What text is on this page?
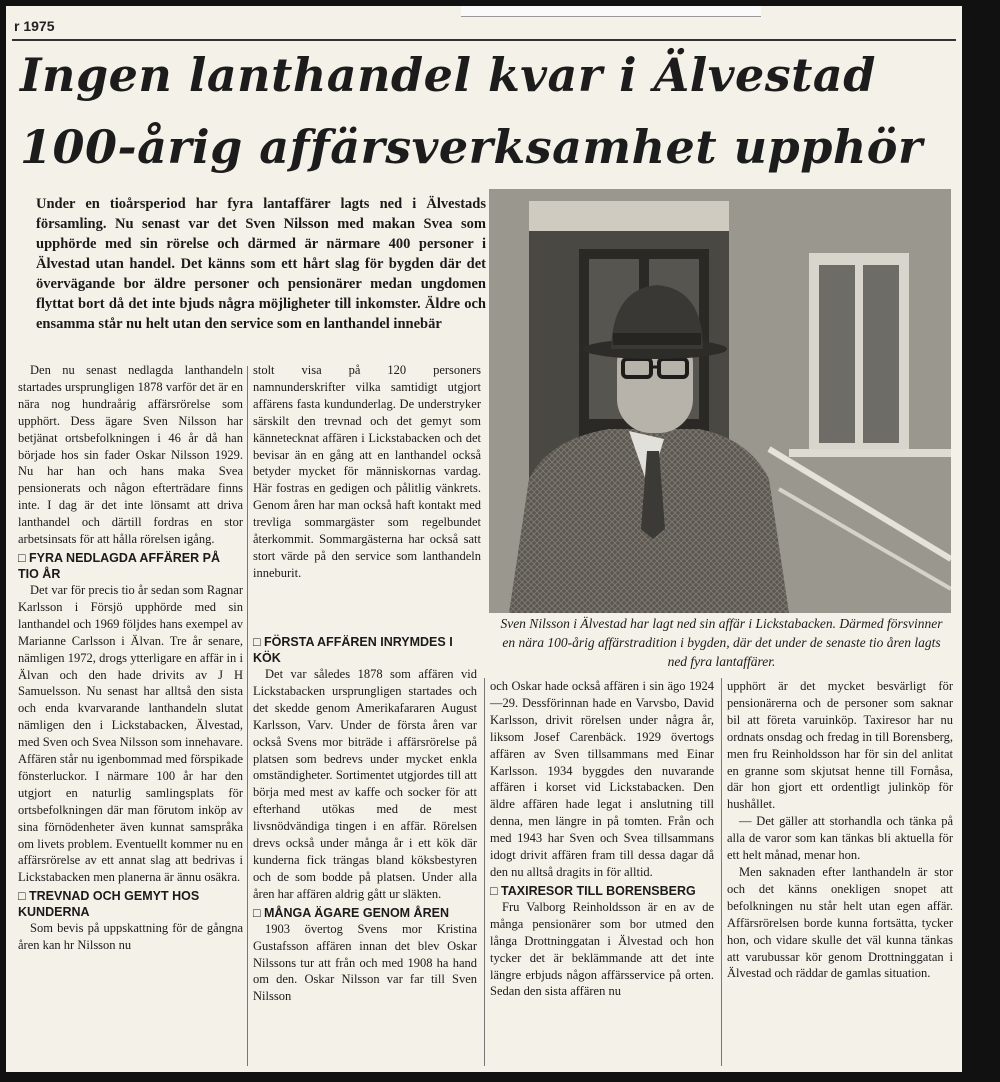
r 1975
Ingen lanthandel kvar i Älvestad
100-årig affärsverksamhet upphör
Under en tioårsperiod har fyra lantaffärer lagts ned i Älvestads församling. Nu senast var det Sven Nilsson med makan Svea som upphörde med sin rörelse och därmed är närmare 400 personer i Älvestad utan handel. Det känns som ett hårt slag för bygden där det övervägande bor äldre personer och pensionärer medan ungdomen flyttat bort då det inte bjuds några möjligheter till inkomster. Äldre och ensamma står nu helt utan den service som en lanthandel innebär
Sven Nilsson i Älvestad har lagt ned sin affär i Lickstabacken. Därmed försvinner en nära 100-årig affärstradition i bygden, där det under de senaste tio åren lagts ned fyra lantaffärer.

Den nu senast nedlagda lanthandeln startades ursprungligen 1878 varför det är en nära nog hundraårig affärsrörelse som upphört. Dess ägare Sven Nilsson har betjänat ortsbefolkningen i 46 år då han började hos sin fader Oskar Nilsson 1929. Nu har han och hans maka Svea pensionerats och någon efterträdare finns inte. I dag är det inte lönsamt att driva lanthandel och därtill fordras en stor arbetsinsats för att hålla rörelsen igång.

□ FYRA NEDLAGDA AFFÄRER PÅ TIO ÅR

Det var för precis tio år sedan som Ragnar Karlsson i Försjö upphörde med sin lanthandel och 1969 följdes hans exempel av Marianne Carlsson i Älvan. Tre år senare, nämligen 1972, drogs ytterligare en affär in i Älvan och den hade drivits av J H Samuelsson. Nu senast har alltså den sista och enda kvarvarande lanthandeln slutat nämligen den i Lickstabacken, Älvestad, med Sven och Svea Nilsson som innehavare. Affären står nu igenbommad med förspikade fönsterluckor. I närmare 100 år har den utgjort en naturlig samlingsplats för ortsbefolkningen där man förutom inköp av sina förnödenheter även kunnat samspråka om livets problem. Eventuellt kommer nu en affärsrörelse av ett annat slag att bedrivas i Lickstabacken men planerna är ännu osäkra.

□ TREVNAD OCH GEMYT HOS KUNDERNA

Som bevis på uppskattning för de gångna åren kan hr Nilsson nu

stolt visa på 120 personers namnunderskrifter vilka samtidigt utgjort affärens fasta kundunderlag. De understryker särskilt den trevnad och det gemyt som kännetecknat affären i Lickstabacken och det bevisar än en gång att en lanthandel också betyder mycket för människornas vardag. Här fostras en gedigen och pålitlig vänkrets. Genom åren har man också haft kontakt med trevliga sommargäster som regelbundet återkommit. Sommargästerna har också satt stort värde på den service som lanthandeln inneburit.

□ FÖRSTA AFFÄREN INRYMDES I KÖK

Det var således 1878 som affären vid Lickstabacken ursprungligen startades och det skedde genom Amerikafararen August Karlsson, Varv. Under de första åren var också Svens mor biträde i affärsrörelse på platsen som bedrevs under mycket enkla omständigheter. Sortimentet utgjordes till att börja med mest av kaffe och socker för att efterhand utökas med de mest livsnödvändiga tingen i en affär. Rörelsen drevs också under många år i ett kök där kunderna fick trängas bland köksbestyren och de som bodde på platsen. Under alla åren har affären aldrig gått ur släkten.

□ MÅNGA ÄGARE GENOM ÅREN

1903 övertog Svens mor Kristina Gustafsson affären innan det blev Oskar Nilssons tur att från och med 1908 ha hand om den. Oskar Nilsson var far till Sven Nilsson

och Oskar hade också affären i sin ägo 1924—29. Dessförinnan hade en Varvsbo, David Karlsson, drivit rörelsen under några år, liksom Josef Carenbäck. 1929 övertogs affären av Sven tillsammans med Einar Karlsson. 1934 byggdes den nuvarande affären i korset vid Lickstabacken. Den äldre affären hade legat i anslutning till denna, men längre in på tomten. Från och med 1943 har Sven och Svea tillsammans idogt drivit affären fram till dessa dagar då den nu alltså dragits in för alltid.

□ TAXIRESOR TILL BORENSBERG

Fru Valborg Reinholdsson är en av de många pensionärer som bor utmed den långa Drottninggatan i Älvestad och hon tycker det är beklämmande att det inte längre erbjuds någon affärsservice på orten. Sedan den sista affären nu

upphört är det mycket besvärligt för pensionärerna och de personer som saknar bil att företa varuinköp. Taxiresor har nu ordnats onsdag och fredag in till Borensberg, men fru Reinholdsson har för sin del anlitat en granne som skjutsat henne till Fornåsa, där hon gjort ett ordentligt julinköp för hushållet.

— Det gäller att storhandla och tänka på alla de varor som kan tänkas bli aktuella för ett helt månad, menar hon.

Men saknaden efter lanthandeln är stor och det känns onekligen snopet att befolkningen nu står helt utan egen affär. Affärsrörelsen borde kunna fortsätta, tycker hon, och vidare skulle det väl kunna tänkas att varubussar kör genom Drottninggatan i Älvestad och räddar de gamlas situation.
